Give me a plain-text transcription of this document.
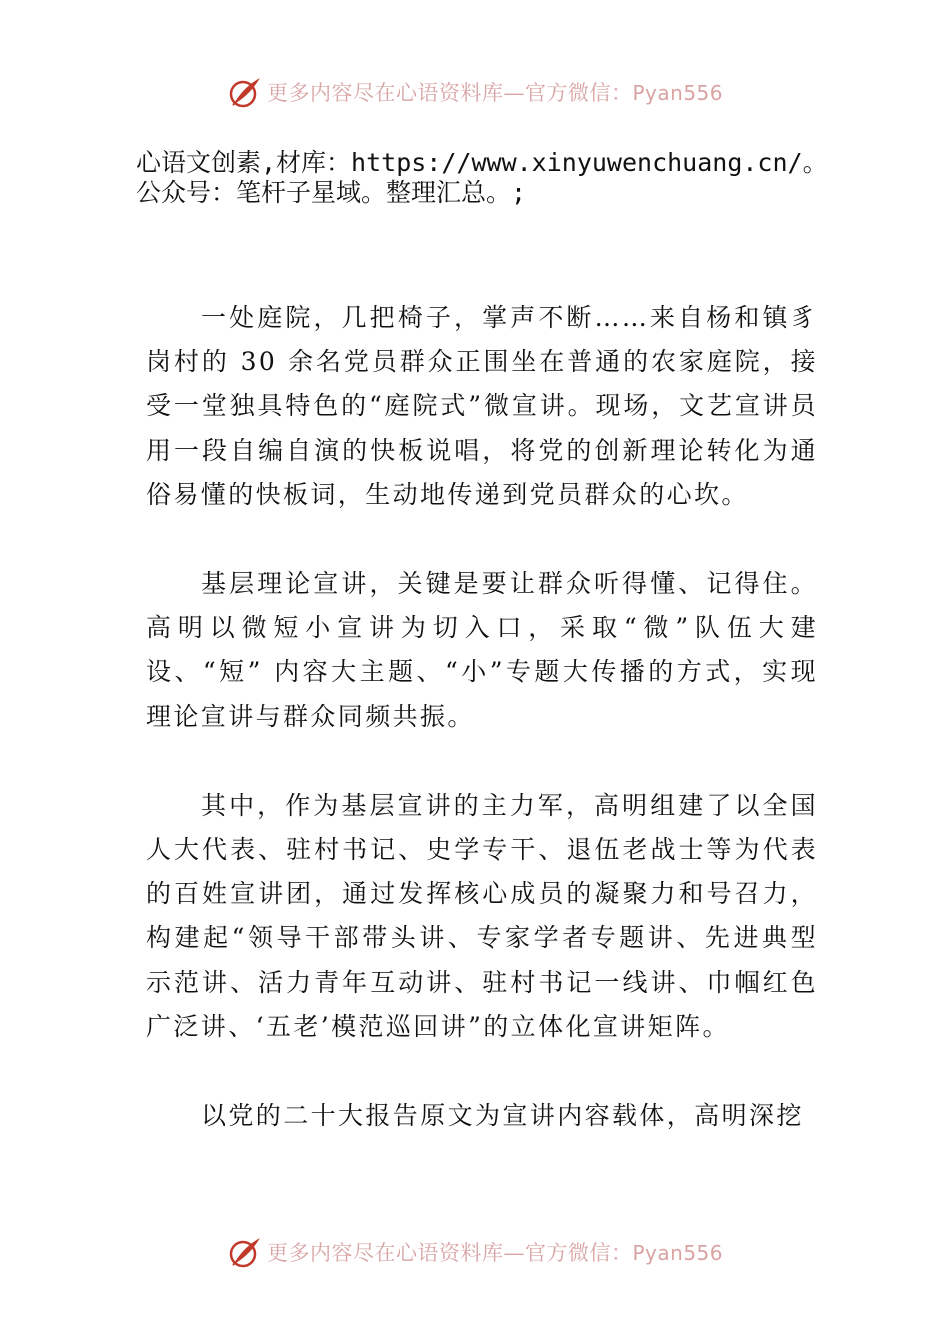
更多内容尽在心语资料库—官方微信：Pyan556
心语文创素,材库：https://www.xinyuwenchuang.cn/。公众号：笔杆子星域。整理汇总。;

一处庭院，几把椅子，掌声不断……来自杨和镇豸岗村的 30 余名党员群众正围坐在普通的农家庭院，接受一堂独具特色的“庭院式”微宣讲。现场，文艺宣讲员用一段自编自演的快板说唱，将党的创新理论转化为通俗易懂的快板词，生动地传递到党员群众的心坎。

基层理论宣讲，关键是要让群众听得懂、记得住。高明以微短小宣讲为切入口，采取“微”队伍大建设、“短” 内容大主题、“小”专题大传播的方式，实现理论宣讲与群众同频共振。

其中，作为基层宣讲的主力军，高明组建了以全国人大代表、驻村书记、史学专干、退伍老战士等为代表的百姓宣讲团，通过发挥核心成员的凝聚力和号召力，构建起“领导干部带头讲、专家学者专题讲、先进典型示范讲、活力青年互动讲、驻村书记一线讲、巾帼红色广泛讲、‘五老’模范巡回讲”的立体化宣讲矩阵。

以党的二十大报告原文为宣讲内容载体，高明深挖

更多内容尽在心语资料库—官方微信：Pyan556
